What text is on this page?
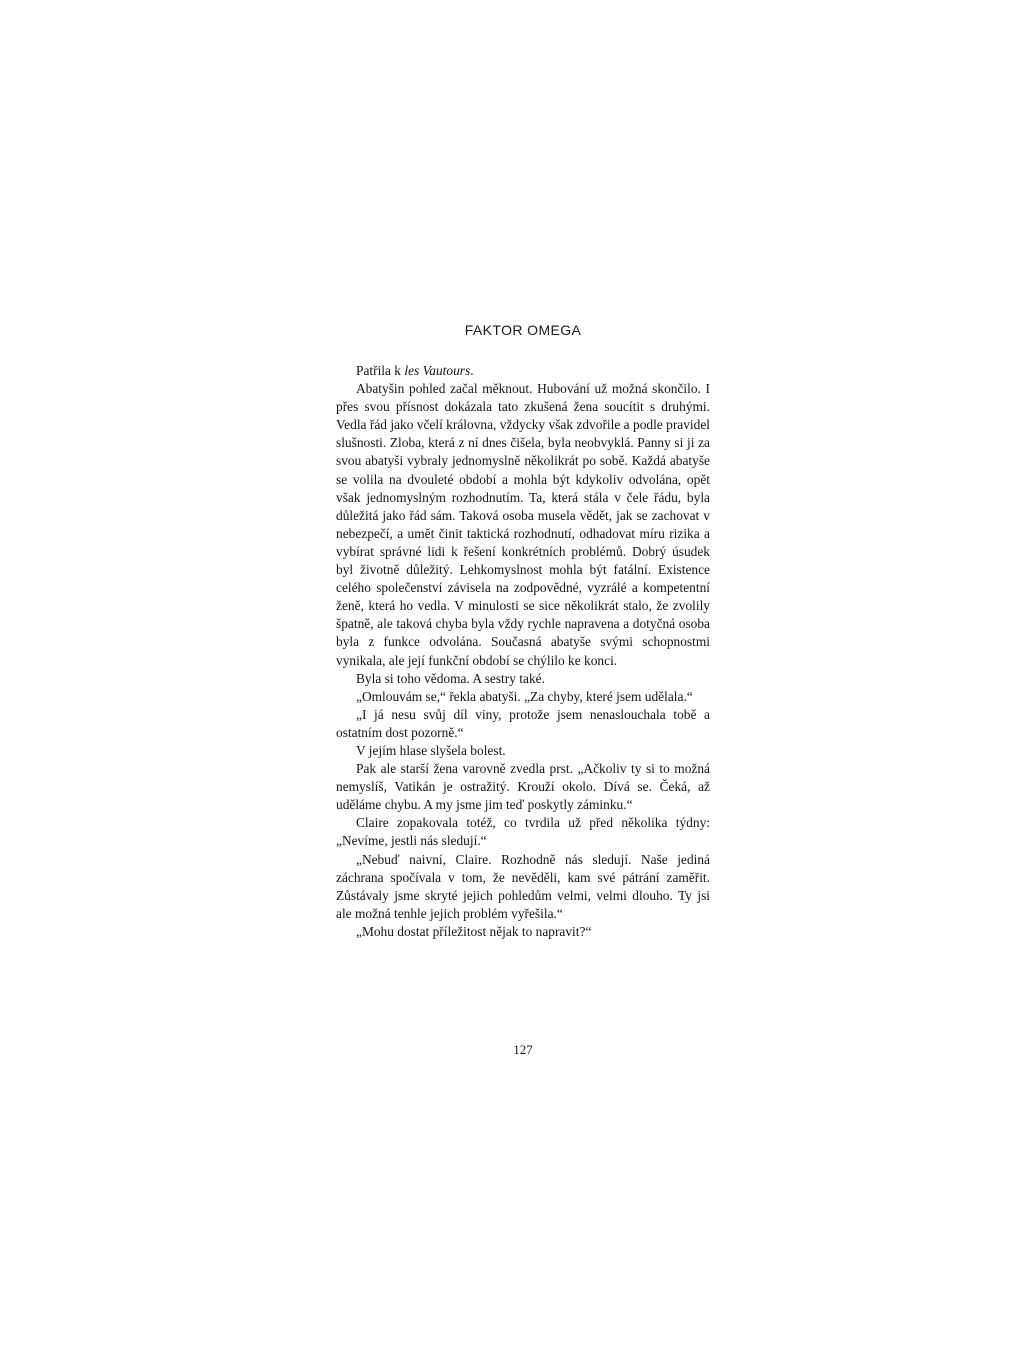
FAKTOR OMEGA

Patřila k les Vautours.

Abatyšin pohled začal měknout. Hubování už možná skončilo. I přes svou přísnost dokázala tato zkušená žena soucítit s druhými. Vedla řád jako včelí královna, vždycky však zdvořile a podle pravidel slušnosti. Zloba, která z ní dnes čišela, byla neobvyklá. Panny si ji za svou abatyši vybraly jednomyslně několikrát po sobě. Každá abatyše se volila na dvouleté období a mohla být kdykoliv odvolána, opět však jednomyslným rozhodnutím. Ta, která stála v čele řádu, byla důležitá jako řád sám. Taková osoba musela vědět, jak se zachovat v nebezpečí, a umět činit taktická rozhodnutí, odhadovat míru rizika a vybírat správné lidi k řešení konkrétních problémů. Dobrý úsudek byl životně důležitý. Lehkomyslnost mohla být fatální. Existence celého společenství závisela na zodpovědné, vyzrálé a kompetentní ženě, která ho vedla. V minulosti se sice několikrát stalo, že zvolily špatně, ale taková chyba byla vždy rychle napravena a dotyčná osoba byla z funkce odvolána. Současná abatyše svými schopnostmi vynikala, ale její funkční období se chýlilo ke konci.

Byla si toho vědoma. A sestry také.

„Omlouvám se,“ řekla abatyši. „Za chyby, které jsem udělala.“

„I já nesu svůj díl viny, protože jsem nenaslouchala tobě a ostatním dost pozorně.“

V jejím hlase slyšela bolest.

Pak ale starší žena varovně zvedla prst. „Ačkoliv ty si to možná nemyslíš, Vatikán je ostražitý. Krouží okolo. Dívá se. Čeká, až uděláme chybu. A my jsme jim teď poskytly záminku.“

Claire zopakovala totéž, co tvrdila už před několika týdny: „Nevíme, jestli nás sledují.“

„Nebuď naivní, Claire. Rozhodně nás sledují. Naše jediná záchrana spočívala v tom, že nevěděli, kam své pátrání zaměřit. Zůstávaly jsme skryté jejich pohledům velmi, velmi dlouho. Ty jsi ale možná tenhle jejich problém vyřešila.“

„Mohu dostat příležitost nějak to napravit?“

127
